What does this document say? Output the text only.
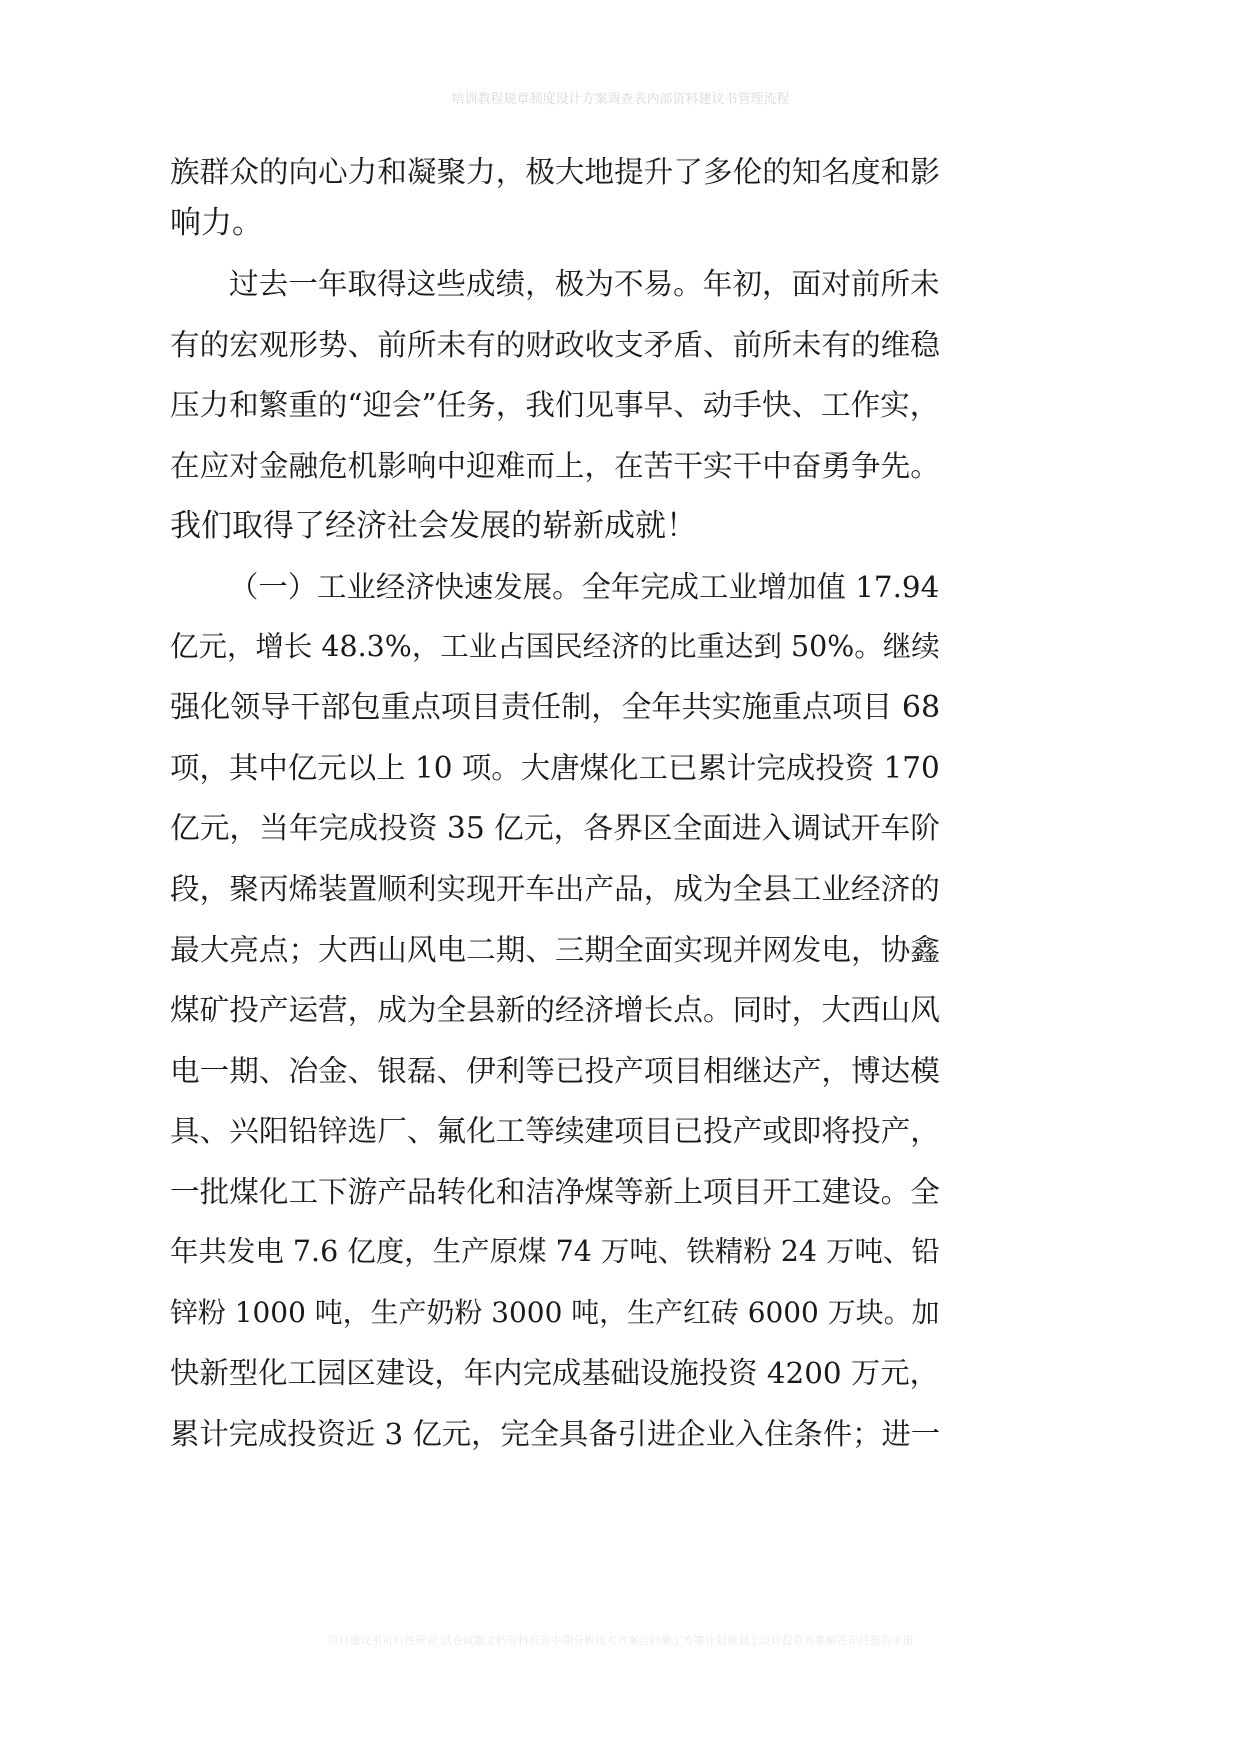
培训教程规章制度设计方案调查表内部资料建议书管理流程
族群众的向心力和凝聚力，极大地提升了多伦的知名度和影
响力。
过去一年取得这些成绩，极为不易。年初，面对前所未
有的宏观形势、前所未有的财政收支矛盾、前所未有的维稳
压力和繁重的“迎会”任务，我们见事早、动手快、工作实，
在应对金融危机影响中迎难而上，在苦干实干中奋勇争先。
我们取得了经济社会发展的崭新成就！
（一）工业经济快速发展。全年完成工业增加值 17.94
亿元，增长 48.3%，工业占国民经济的比重达到 50%。继续
强化领导干部包重点项目责任制，全年共实施重点项目 68
项，其中亿元以上 10 项。大唐煤化工已累计完成投资 170
亿元，当年完成投资 35 亿元，各界区全面进入调试开车阶
段，聚丙烯装置顺利实现开车出产品，成为全县工业经济的
最大亮点；大西山风电二期、三期全面实现并网发电，协鑫
煤矿投产运营，成为全县新的经济增长点。同时，大西山风
电一期、冶金、银磊、伊利等已投产项目相继达产，博达模
具、兴阳铅锌选厂、氟化工等续建项目已投产或即将投产，
一批煤化工下游产品转化和洁净煤等新上项目开工建设。全
年共发电 7.6 亿度，生产原煤 74 万吨、铁精粉 24 万吨、铅
锌粉 1000 吨，生产奶粉 3000 吨，生产红砖 6000 万块。加
快新型化工园区建设，年内完成基础设施投资 4200 万元，
累计完成投资近 3 亿元，完全具备引进企业入住条件；进一
项目建议书可行性研究 试卷试题文档资料报告中期分析技术方案合同施工方案计划规划工设计投资方案解答年终报告手册
